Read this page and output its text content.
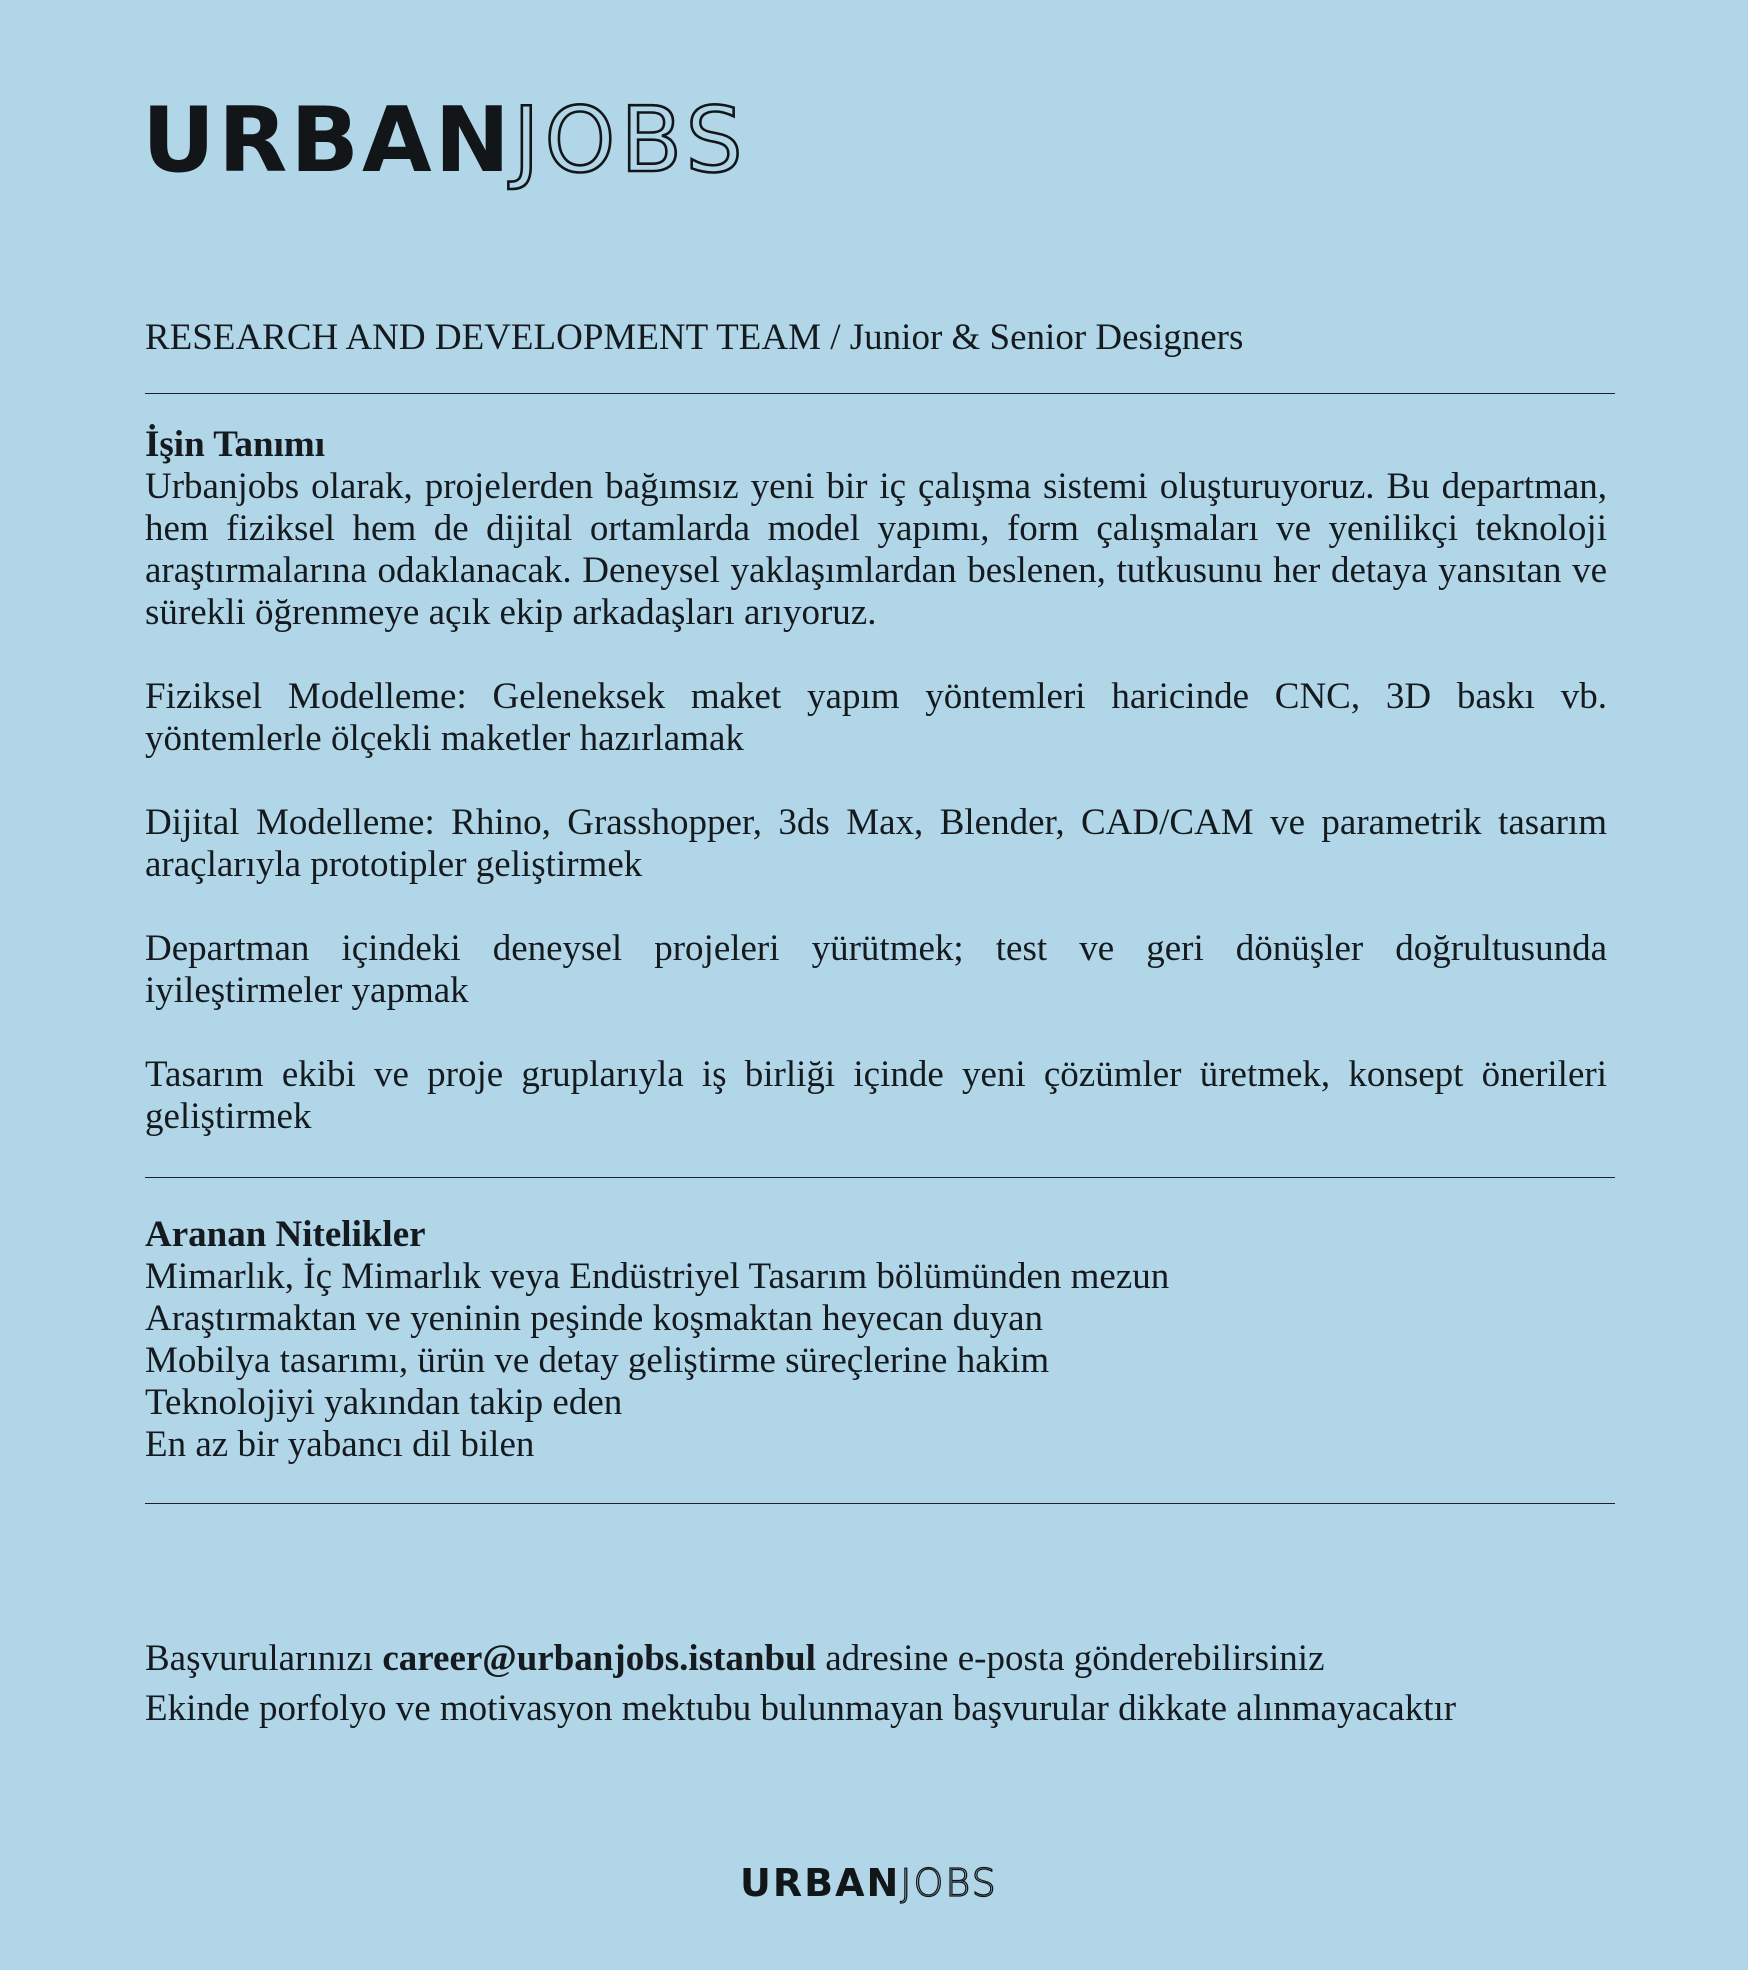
URBAN JOBS
RESEARCH AND DEVELOPMENT TEAM / Junior & Senior Designers
İşin Tanımı

Urbanjobs olarak, projelerden bağımsız yeni bir iç çalışma sistemi oluşturuyoruz. Bu departman, hem fiziksel hem de dijital ortamlarda model yapımı, form çalışmaları ve yenilikçi teknoloji araştırmalarına odaklanacak. Deneysel yaklaşımlardan beslenen, tutkusunu her detaya yansıtan ve sürekli öğrenmeye açık ekip arkadaşları arıyoruz.

Fiziksel Modelleme: Geleneksek maket yapım yöntemleri haricinde CNC, 3D baskı vb. yöntemlerle ölçekli maketler hazırlamak

Dijital Modelleme: Rhino, Grasshopper, 3ds Max, Blender, CAD/CAM ve parametrik tasarım araçlarıyla prototipler geliştirmek

Departman içindeki deneysel projeleri yürütmek; test ve geri dönüşler doğrultusunda iyileştirmeler yapmak

Tasarım ekibi ve proje gruplarıyla iş birliği içinde yeni çözümler üretmek, konsept önerileri geliştirmek

Aranan Nitelikler
Mimarlık, İç Mimarlık veya Endüstriyel Tasarım bölümünden mezun
Araştırmaktan ve yeninin peşinde koşmaktan heyecan duyan
Mobilya tasarımı, ürün ve detay geliştirme süreçlerine hakim
Teknolojiyi yakından takip eden
En az bir yabancı dil bilen
Başvurularınızı career@urbanjobs.istanbul adresine e-posta gönderebilirsiniz
Ekinde porfolyo ve motivasyon mektubu bulunmayan başvurular dikkate alınmayacaktır
URBAN JOBS
